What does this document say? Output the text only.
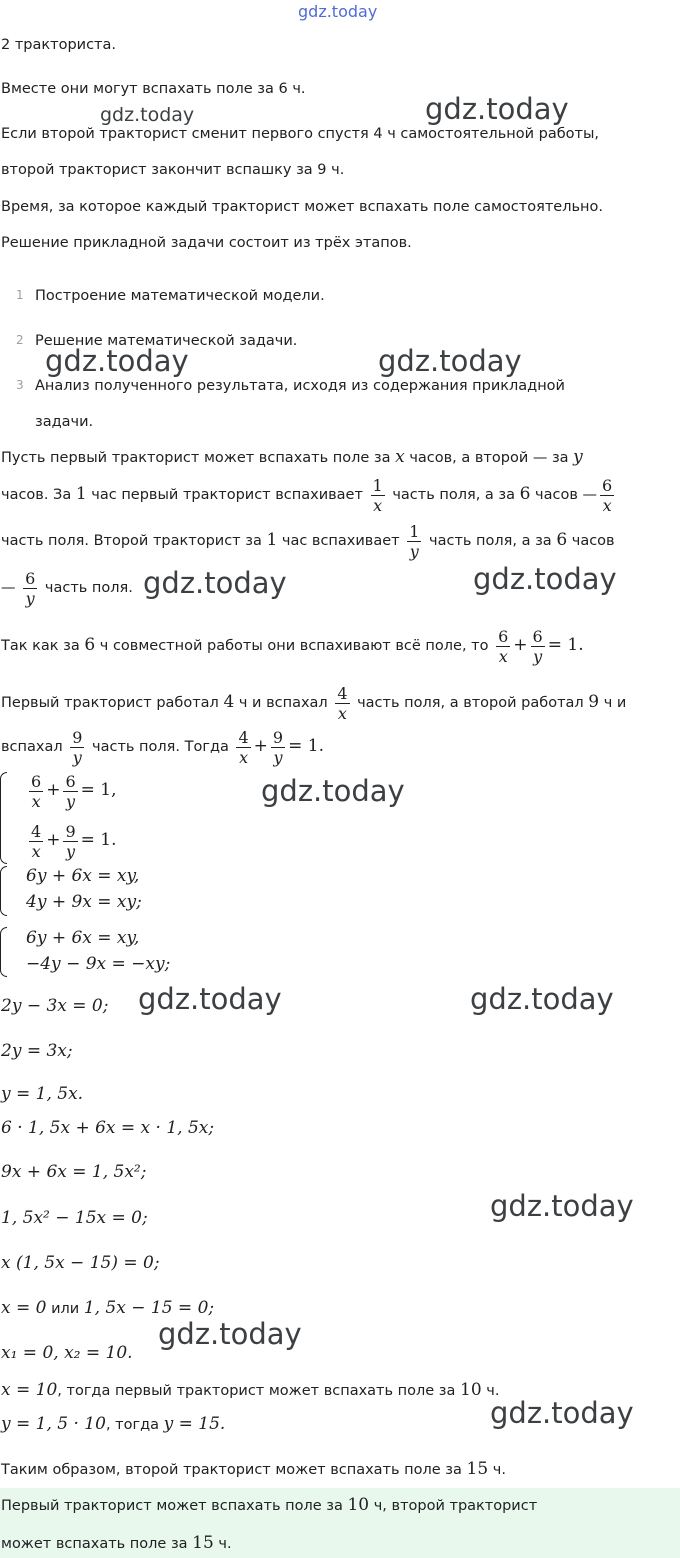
gdz.today
2 тракториста.
Вместе они могут вспахать поле за 6 ч.
Если второй тракторист сменит первого спустя 4 ч самостоятельной работы,
второй тракторист закончит вспашку за 9 ч.
Время, за которое каждый тракторист может вспахать поле самостоятельно.
Решение прикладной задачи состоит из трёх этапов.
1 Построение математической модели.
2 Решение математической задачи.
3 Анализ полученного результата, исходя из содержания прикладной
задачи.
Пусть первый тракторист может вспахать поле за x часов, а второй — за y
часов. За 1 час первый тракторист вспахивает $\frac{1}{x}$ часть поля, а за 6 часов — $\frac{6}{x}$
часть поля. Второй тракторист за 1 час вспахивает $\frac{1}{y}$ часть поля, а за 6 часов
— $\frac{6}{y}$ часть поля.
Так как за 6 ч совместной работы они вспахивают всё поле, то $\frac{6}{x} + \frac{6}{y} = 1$.
Первый тракторист работал 4 ч и вспахал $\frac{4}{x}$ часть поля, а второй работал 9 ч и
вспахал $\frac{9}{y}$ часть поля. Тогда $\frac{4}{x} + \frac{9}{y} = 1$.
$\frac{6}{x} + \frac{6}{y} = 1$,
$\frac{4}{x} + \frac{9}{y} = 1$.
6y + 6x = xy,
4y + 9x = xy;
6y + 6x = xy,
−4y − 9x = −xy;
2y − 3x = 0;
2y = 3x;
y = 1, 5x.
6 · 1, 5x + 6x = x · 1, 5x;
9x + 6x = 1, 5x²;
1, 5x² − 15x = 0;
x (1, 5x − 15) = 0;
x = 0 или 1, 5x − 15 = 0;
x₁ = 0, x₂ = 10.
x = 10, тогда первый тракторист может вспахать поле за 10 ч.
y = 1, 5 · 10, тогда y = 15.
Таким образом, второй тракторист может вспахать поле за 15 ч.
Первый тракторист может вспахать поле за 10 ч, второй тракторист
может вспахать поле за 15 ч.
gdz.today	gdz.today
gdz.today	gdz.today
gdz.today	gdz.today
gdz.today
gdz.today	gdz.today
gdz.today
gdz.today
gdz.today
